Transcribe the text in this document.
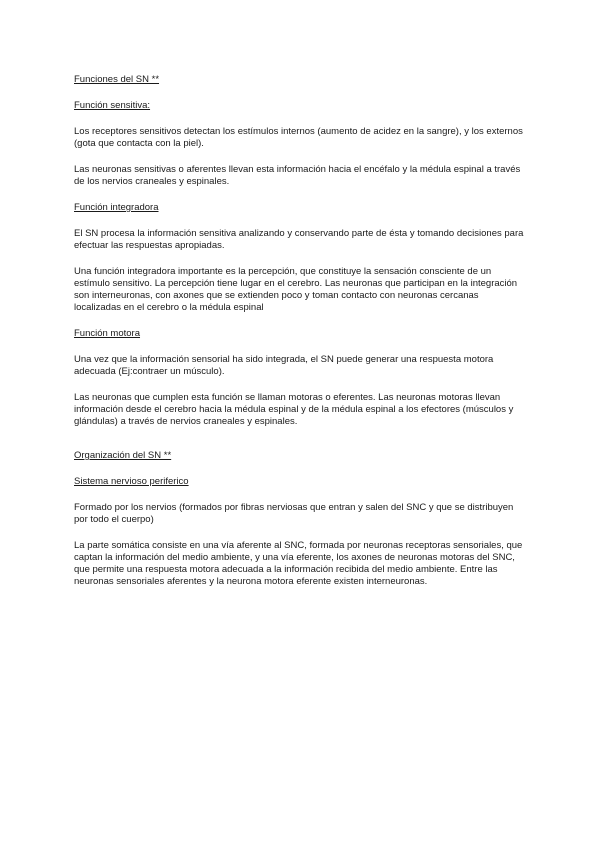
Funciones del SN **

Función sensitiva:

Los receptores sensitivos detectan los estímulos internos (aumento de acidez en la sangre), y los externos (gota que contacta con la piel).

Las neuronas sensitivas o aferentes llevan esta información hacia el encéfalo y la médula espinal a través de los nervios craneales y espinales.

Función integradora

El SN procesa la información sensitiva analizando y conservando parte de ésta y tomando decisiones para efectuar las respuestas apropiadas.

Una función integradora importante es la percepción, que constituye la sensación consciente de un estímulo sensitivo. La percepción tiene lugar en el cerebro. Las neuronas que participan en la integración son interneuronas, con axones que se extienden poco y toman contacto con neuronas cercanas localizadas en el cerebro o la médula espinal

Función motora

Una vez que la información sensorial ha sido integrada, el SN puede generar una respuesta motora adecuada (Ej:contraer un músculo).

Las neuronas que cumplen esta función se llaman motoras o eferentes. Las neuronas motoras llevan información desde el cerebro hacia la médula espinal y de la médula espinal a los efectores (músculos y glándulas) a través de nervios craneales y espinales.

Organización del SN **

Sistema nervioso periferico

Formado por los nervios (formados por fibras nerviosas que entran y salen del SNC y que se distribuyen por todo el cuerpo)

La parte somática consiste en una vía aferente al SNC, formada por neuronas receptoras sensoriales, que captan la información del medio ambiente, y una vía eferente, los axones de neuronas motoras del SNC, que permite una respuesta motora adecuada a la información recibida del medio ambiente. Entre las neuronas sensoriales aferentes y la neurona motora eferente existen interneuronas.
